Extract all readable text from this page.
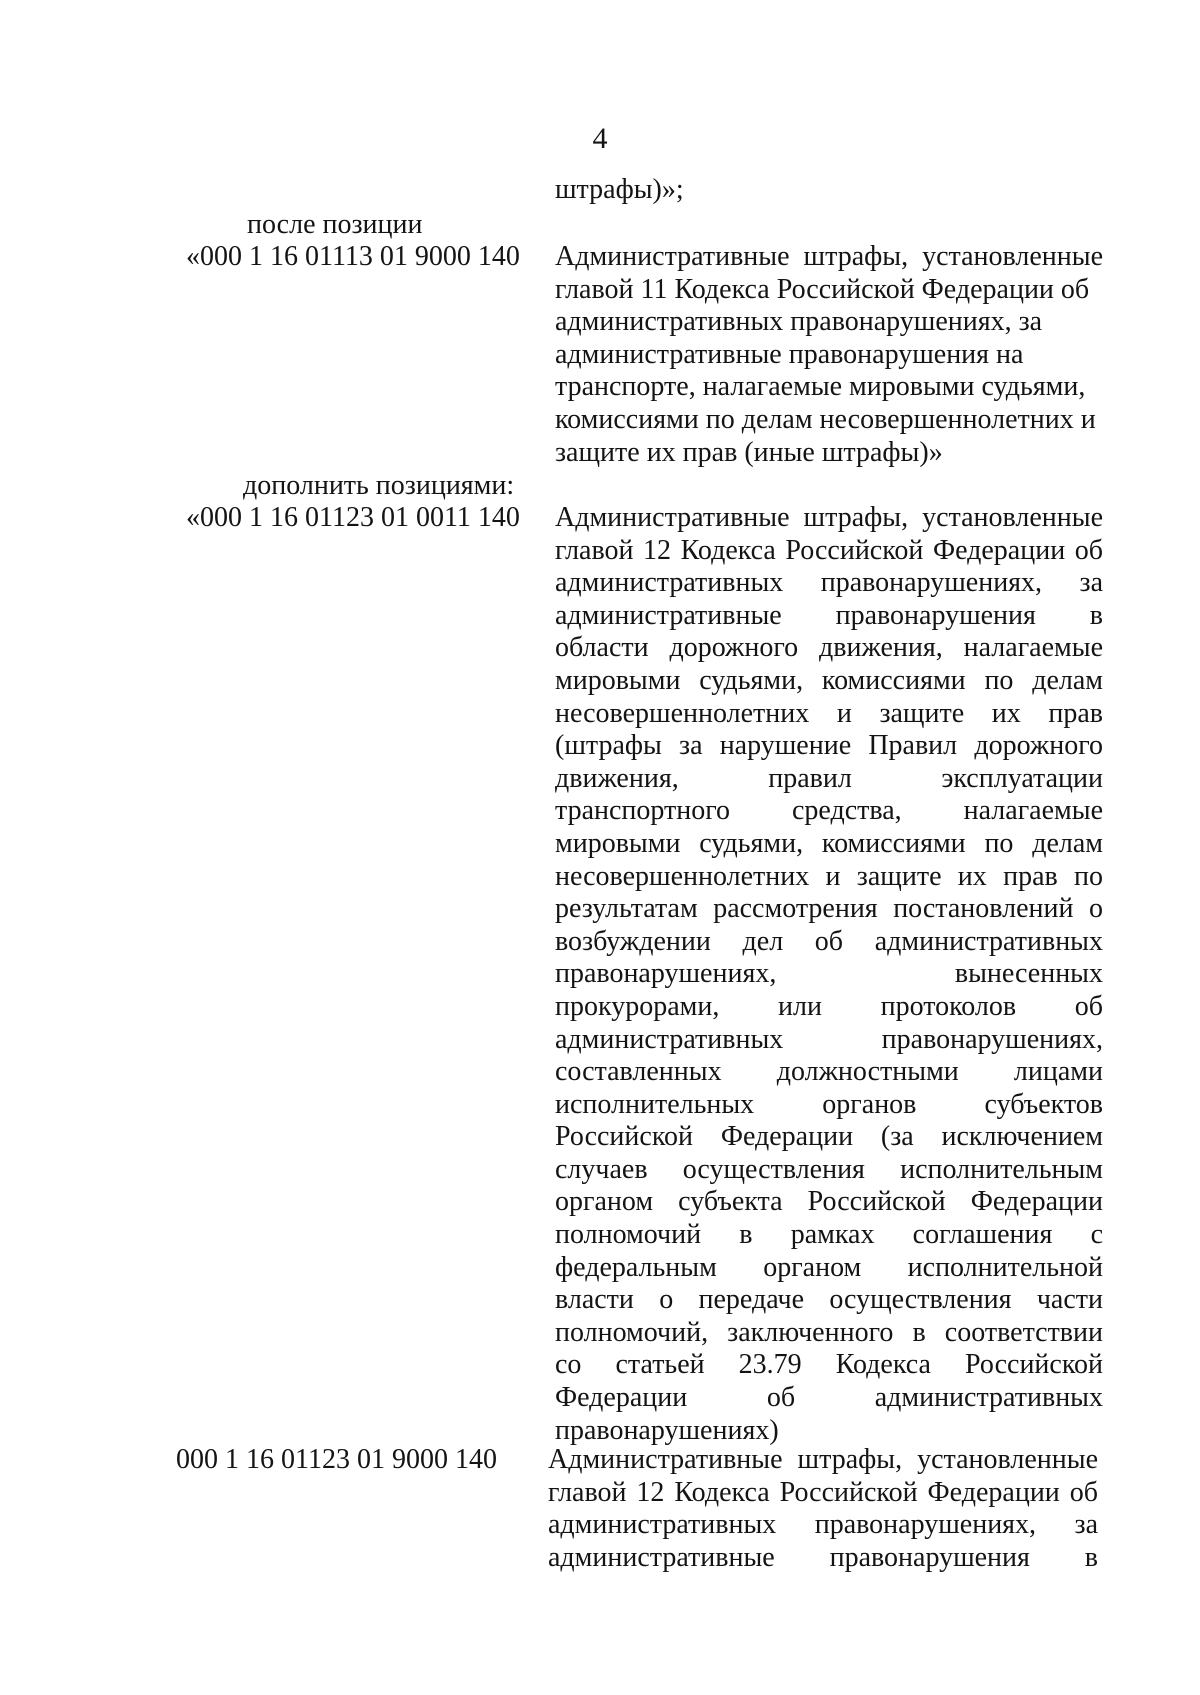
4
штрафы)»;
после позиции
«000 1 16 01113 01 9000 140 Административные штрафы, установленные
главой 11 Кодекса Российской Федерации об
административных правонарушениях, за
административные правонарушения на
транспорте, налагаемые мировыми судьями,
комиссиями по делам несовершеннолетних и
защите их прав (иные штрафы)»
дополнить позициями:
«000 1 16 01123 01 0011 140 Административные штрафы, установленные
главой 12 Кодекса Российской Федерации об
административных правонарушениях, за
административные правонарушения в
области дорожного движения, налагаемые
мировыми судьями, комиссиями по делам
несовершеннолетних и защите их прав
(штрафы за нарушение Правил дорожного
движения, правил эксплуатации
транспортного средства, налагаемые
мировыми судьями, комиссиями по делам
несовершеннолетних и защите их прав по
результатам рассмотрения постановлений о
возбуждении дел об административных
правонарушениях, вынесенных
прокурорами, или протоколов об
административных правонарушениях,
составленных должностными лицами
исполнительных органов субъектов
Российской Федерации (за исключением
случаев осуществления исполнительным
органом субъекта Российской Федерации
полномочий в рамках соглашения с
федеральным органом исполнительной
власти о передаче осуществления части
полномочий, заключенного в соответствии
со статьей 23.79 Кодекса Российской
Федерации об административных
правонарушениях)
000 1 16 01123 01 9000 140 Административные штрафы, установленные
главой 12 Кодекса Российской Федерации об
административных правонарушениях, за
административные правонарушения в
